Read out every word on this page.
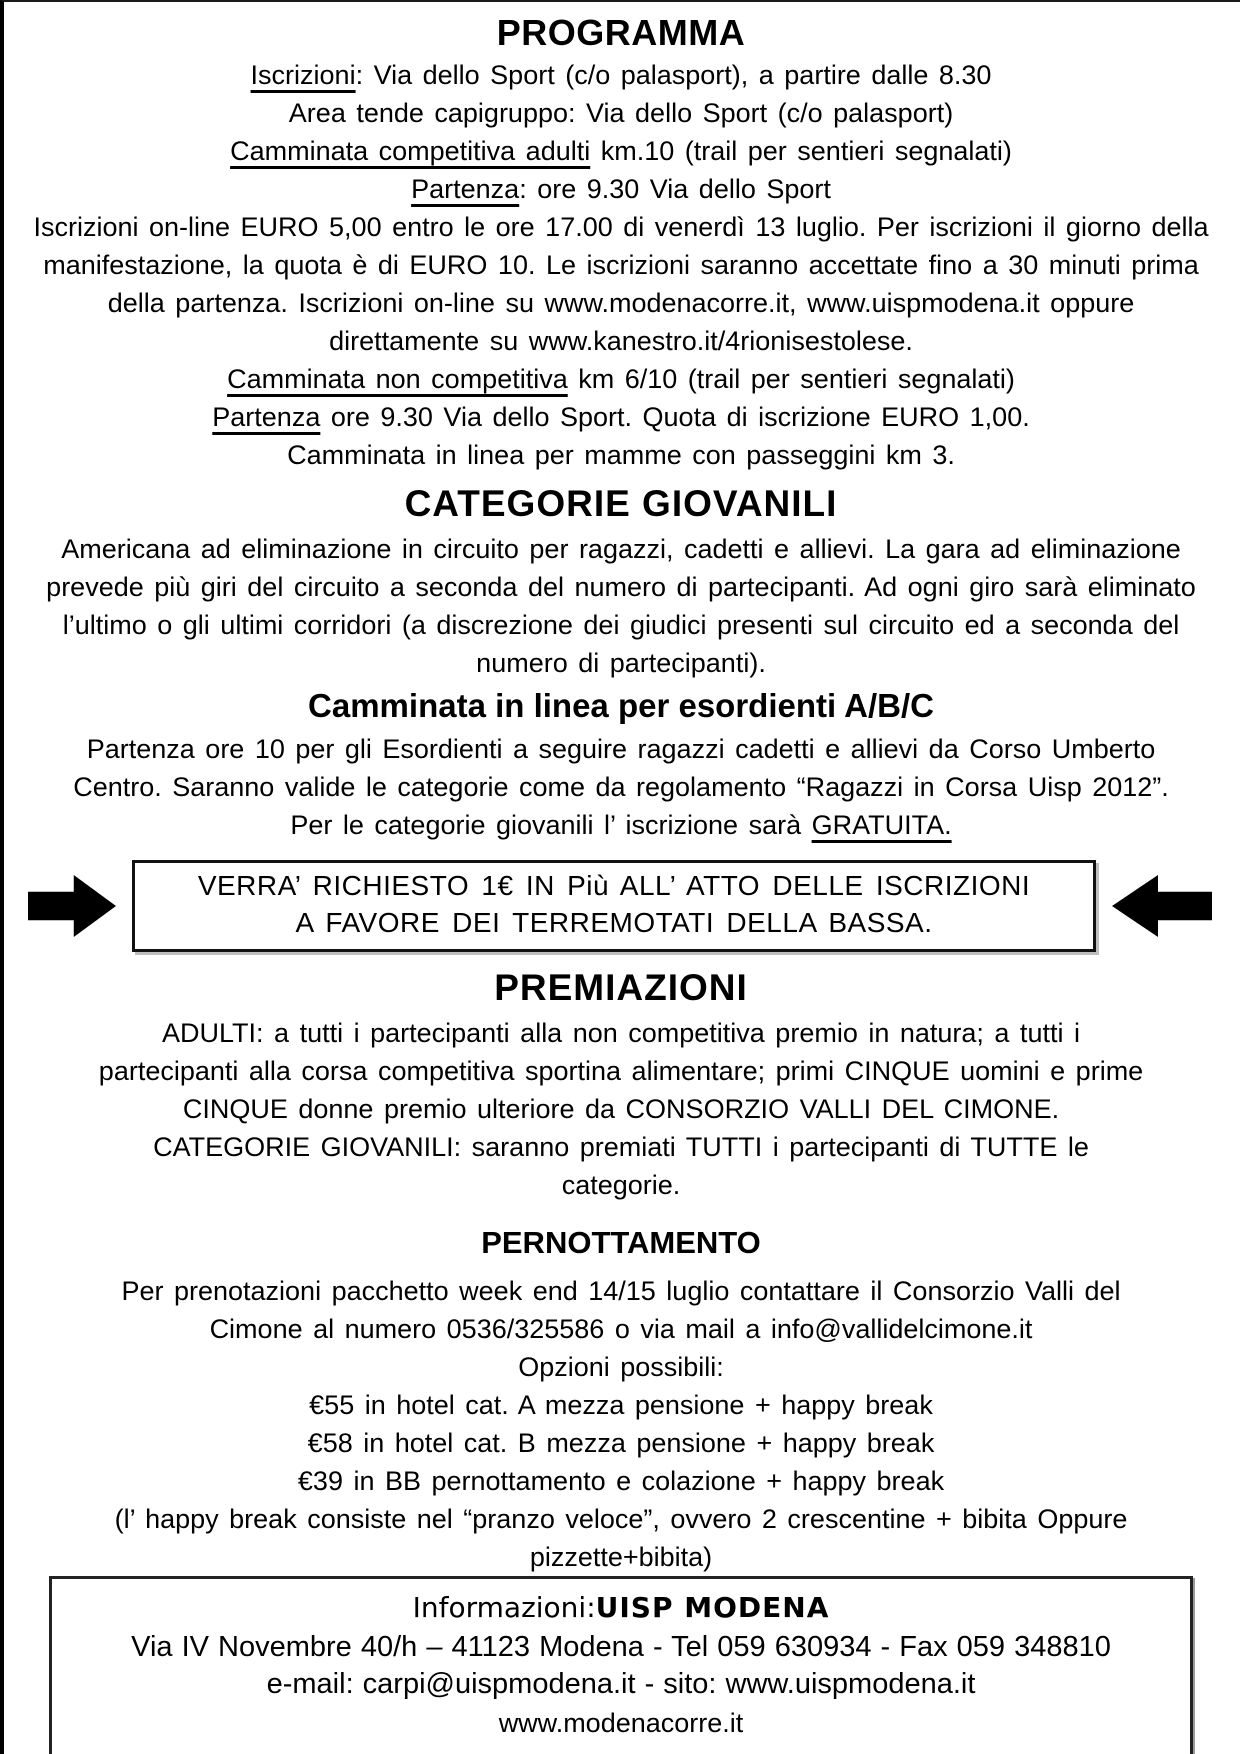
PROGRAMMA
Iscrizioni: Via dello Sport (c/o palasport), a partire dalle 8.30
Area tende capigruppo: Via dello Sport (c/o palasport)
Camminata competitiva adulti km.10 (trail per sentieri segnalati)
Partenza: ore 9.30 Via dello Sport
Iscrizioni on-line EURO 5,00 entro le ore 17.00 di venerdì 13 luglio. Per iscrizioni il giorno della manifestazione, la quota è di EURO 10. Le iscrizioni saranno accettate fino a 30 minuti prima della partenza. Iscrizioni on-line su www.modenacorre.it, www.uispmodena.it oppure direttamente su www.kanestro.it/4rionisestolese.
Camminata non competitiva km 6/10 (trail per sentieri segnalati)
Partenza ore 9.30 Via dello Sport. Quota di iscrizione EURO 1,00.
Camminata in linea per mamme con passeggini km 3.
CATEGORIE GIOVANILI
Americana ad eliminazione in circuito per ragazzi, cadetti e allievi. La gara ad eliminazione prevede più giri del circuito a seconda del numero di partecipanti. Ad ogni giro sarà eliminato l’ultimo o gli ultimi corridori (a discrezione dei giudici presenti sul circuito ed a seconda del numero di partecipanti).
Camminata in linea per esordienti A/B/C
Partenza ore 10 per gli Esordienti a seguire ragazzi cadetti e allievi da Corso Umberto Centro. Saranno valide le categorie come da regolamento “Ragazzi in Corsa Uisp 2012”. Per le categorie giovanili l’ iscrizione sarà GRATUITA.
VERRA’ RICHIESTO 1€ IN Più ALL’ ATTO DELLE ISCRIZIONI
A FAVORE DEI TERREMOTATI DELLA BASSA.
PREMIAZIONI
ADULTI: a tutti i partecipanti alla non competitiva premio in natura; a tutti i partecipanti alla corsa competitiva sportina alimentare; primi CINQUE uomini e prime CINQUE donne premio ulteriore da CONSORZIO VALLI DEL CIMONE.
CATEGORIE GIOVANILI: saranno premiati TUTTI i partecipanti di TUTTE le categorie.
PERNOTTAMENTO
Per prenotazioni pacchetto week end 14/15 luglio contattare il Consorzio Valli del Cimone al numero 0536/325586 o via mail a info@vallidelcimone.it
Opzioni possibili:
€55 in hotel cat. A mezza pensione + happy break
€58 in hotel cat. B mezza pensione + happy break
€39 in BB pernottamento e colazione + happy break
(l’ happy break consiste nel “pranzo veloce”, ovvero 2 crescentine + bibita Oppure pizzette+bibita)
Informazioni:UISP MODENA
Via IV Novembre 40/h – 41123 Modena - Tel 059 630934 - Fax 059 348810
e-mail: carpi@uispmodena.it - sito: www.uispmodena.it
www.modenacorre.it
